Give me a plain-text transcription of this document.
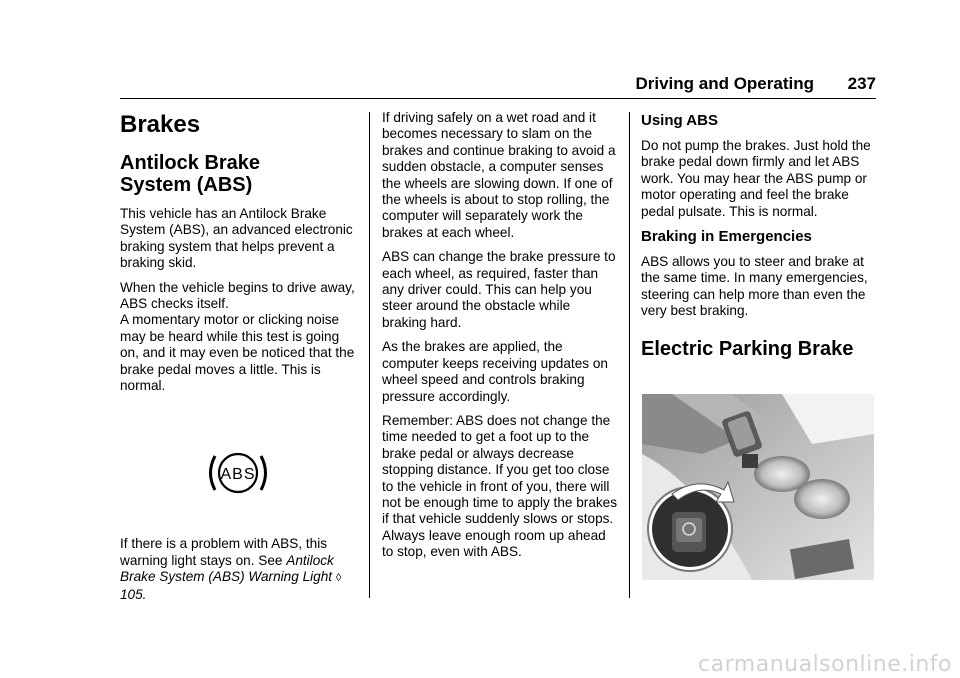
Driving and Operating 237
Brakes
Antilock Brake
System (ABS)

This vehicle has an Antilock Brake System (ABS), an advanced electronic braking system that helps prevent a braking skid.

When the vehicle begins to drive away, ABS checks itself.
A momentary motor or clicking noise may be heard while this test is going on, and it may even be noticed that the brake pedal moves a little. This is normal.

ABS

If there is a problem with ABS, this warning light stays on. See Antilock Brake System (ABS) Warning Light ◊ 105.

If driving safely on a wet road and it becomes necessary to slam on the brakes and continue braking to avoid a sudden obstacle, a computer senses the wheels are slowing down. If one of the wheels is about to stop rolling, the computer will separately work the brakes at each wheel.

ABS can change the brake pressure to each wheel, as required, faster than any driver could. This can help you steer around the obstacle while braking hard.

As the brakes are applied, the computer keeps receiving updates on wheel speed and controls braking pressure accordingly.

Remember: ABS does not change the time needed to get a foot up to the brake pedal or always decrease stopping distance. If you get too close to the vehicle in front of you, there will not be enough time to apply the brakes if that vehicle suddenly slows or stops. Always leave enough room up ahead to stop, even with ABS.

Using ABS

Do not pump the brakes. Just hold the brake pedal down firmly and let ABS work. You may hear the ABS pump or motor operating and feel the brake pedal pulsate. This is normal.

Braking in Emergencies

ABS allows you to steer and brake at the same time. In many emergencies, steering can help more than even the very best braking.

Electric Parking Brake
carmanualsonline.info
